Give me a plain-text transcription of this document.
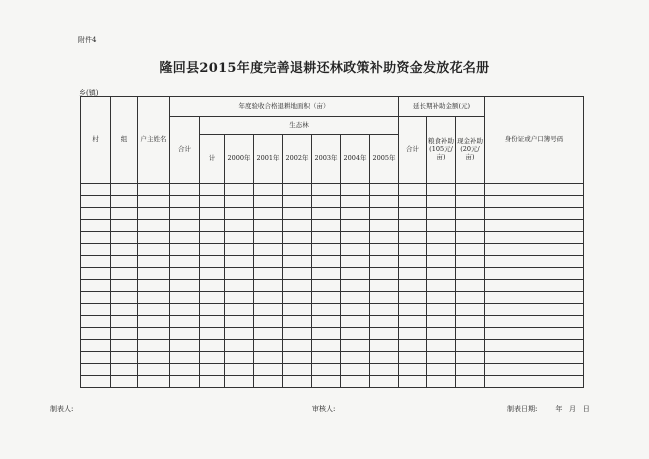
附件4
隆回县2015年度完善退耕还林政策补助资金发放花名册
乡(镇)
村	组	户主姓名	年度验收合格退耕地面积（亩）								延长期补助金额(元)			身份证或户口簿号码
			合计	生态林							合计	粮食补助(105元/亩)	现金补助(20元/亩)	
				计	2000年	2001年	2002年	2003年	2004年	2005年				

制表人:	审核人:	制表日期:	年 月 日
